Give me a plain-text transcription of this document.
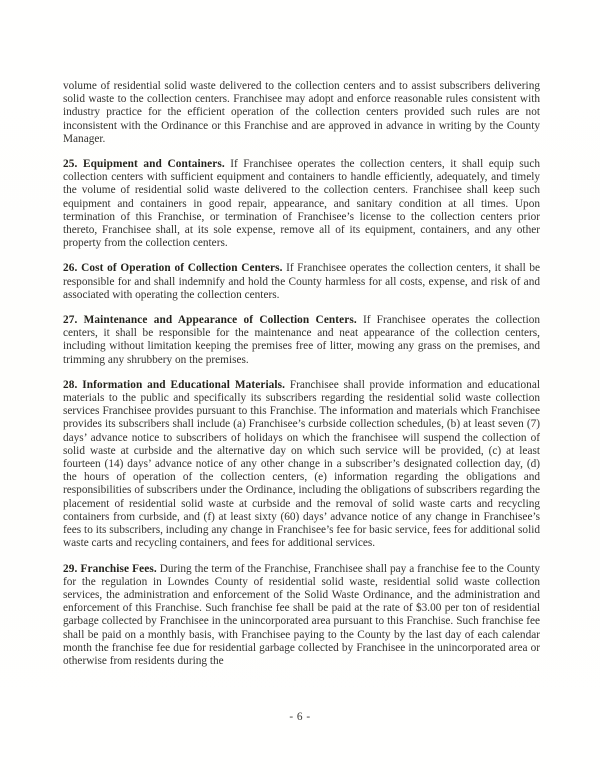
volume of residential solid waste delivered to the collection centers and to assist subscribers delivering solid waste to the collection centers. Franchisee may adopt and enforce reasonable rules consistent with industry practice for the efficient operation of the collection centers provided such rules are not inconsistent with the Ordinance or this Franchise and are approved in advance in writing by the County Manager.

25. Equipment and Containers. If Franchisee operates the collection centers, it shall equip such collection centers with sufficient equipment and containers to handle efficiently, adequately, and timely the volume of residential solid waste delivered to the collection centers. Franchisee shall keep such equipment and containers in good repair, appearance, and sanitary condition at all times. Upon termination of this Franchise, or termination of Franchisee’s license to the collection centers prior thereto, Franchisee shall, at its sole expense, remove all of its equipment, containers, and any other property from the collection centers.

26. Cost of Operation of Collection Centers. If Franchisee operates the collection centers, it shall be responsible for and shall indemnify and hold the County harmless for all costs, expense, and risk of and associated with operating the collection centers.

27. Maintenance and Appearance of Collection Centers. If Franchisee operates the collection centers, it shall be responsible for the maintenance and neat appearance of the collection centers, including without limitation keeping the premises free of litter, mowing any grass on the premises, and trimming any shrubbery on the premises.

28. Information and Educational Materials. Franchisee shall provide information and educational materials to the public and specifically its subscribers regarding the residential solid waste collection services Franchisee provides pursuant to this Franchise. The information and materials which Franchisee provides its subscribers shall include (a) Franchisee’s curbside collection schedules, (b) at least seven (7) days’ advance notice to subscribers of holidays on which the franchisee will suspend the collection of solid waste at curbside and the alternative day on which such service will be provided, (c) at least fourteen (14) days’ advance notice of any other change in a subscriber’s designated collection day, (d) the hours of operation of the collection centers, (e) information regarding the obligations and responsibilities of subscribers under the Ordinance, including the obligations of subscribers regarding the placement of residential solid waste at curbside and the removal of solid waste carts and recycling containers from curbside, and (f) at least sixty (60) days’ advance notice of any change in Franchisee’s fees to its subscribers, including any change in Franchisee’s fee for basic service, fees for additional solid waste carts and recycling containers, and fees for additional services.

29. Franchise Fees. During the term of the Franchise, Franchisee shall pay a franchise fee to the County for the regulation in Lowndes County of residential solid waste, residential solid waste collection services, the administration and enforcement of the Solid Waste Ordinance, and the administration and enforcement of this Franchise. Such franchise fee shall be paid at the rate of $3.00 per ton of residential garbage collected by Franchisee in the unincorporated area pursuant to this Franchise. Such franchise fee shall be paid on a monthly basis, with Franchisee paying to the County by the last day of each calendar month the franchise fee due for residential garbage collected by Franchisee in the unincorporated area or otherwise from residents during the

- 6 -
